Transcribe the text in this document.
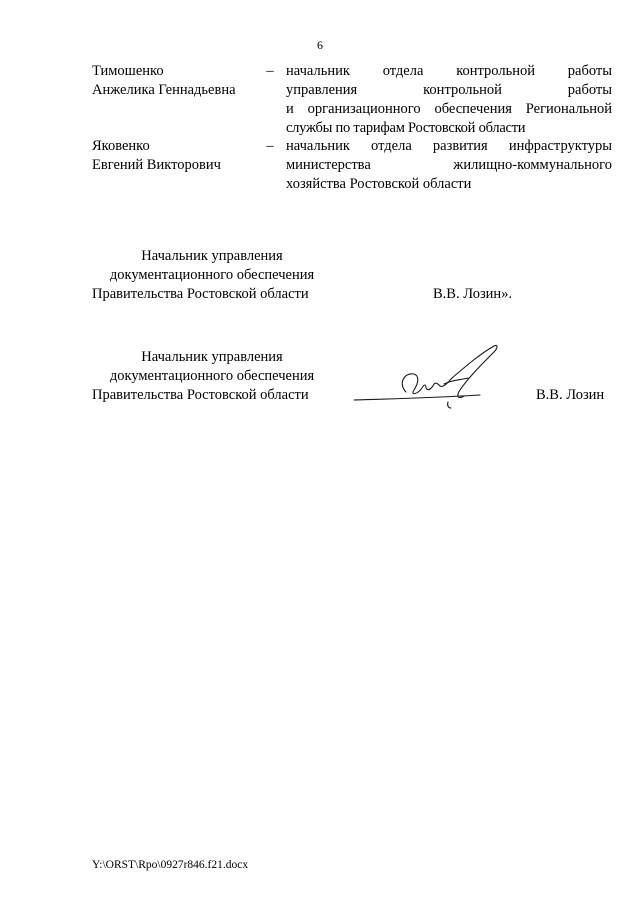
6
Тимошенко
Анжелика Геннадьевна
– начальник отдела контрольной работы
управления контрольной работы
и организационного обеспечения Региональной
службы по тарифам Ростовской области
Яковенко
Евгений Викторович
– начальник отдела развития инфраструктуры
министерства жилищно-коммунального
хозяйства Ростовской области
Начальник управления
документационного обеспечения
Правительства Ростовской области	В.В. Лозин».
Начальник управления
документационного обеспечения
Правительства Ростовской области	В.В. Лозин
Y:\ORST\Rpo\0927r846.f21.docx
